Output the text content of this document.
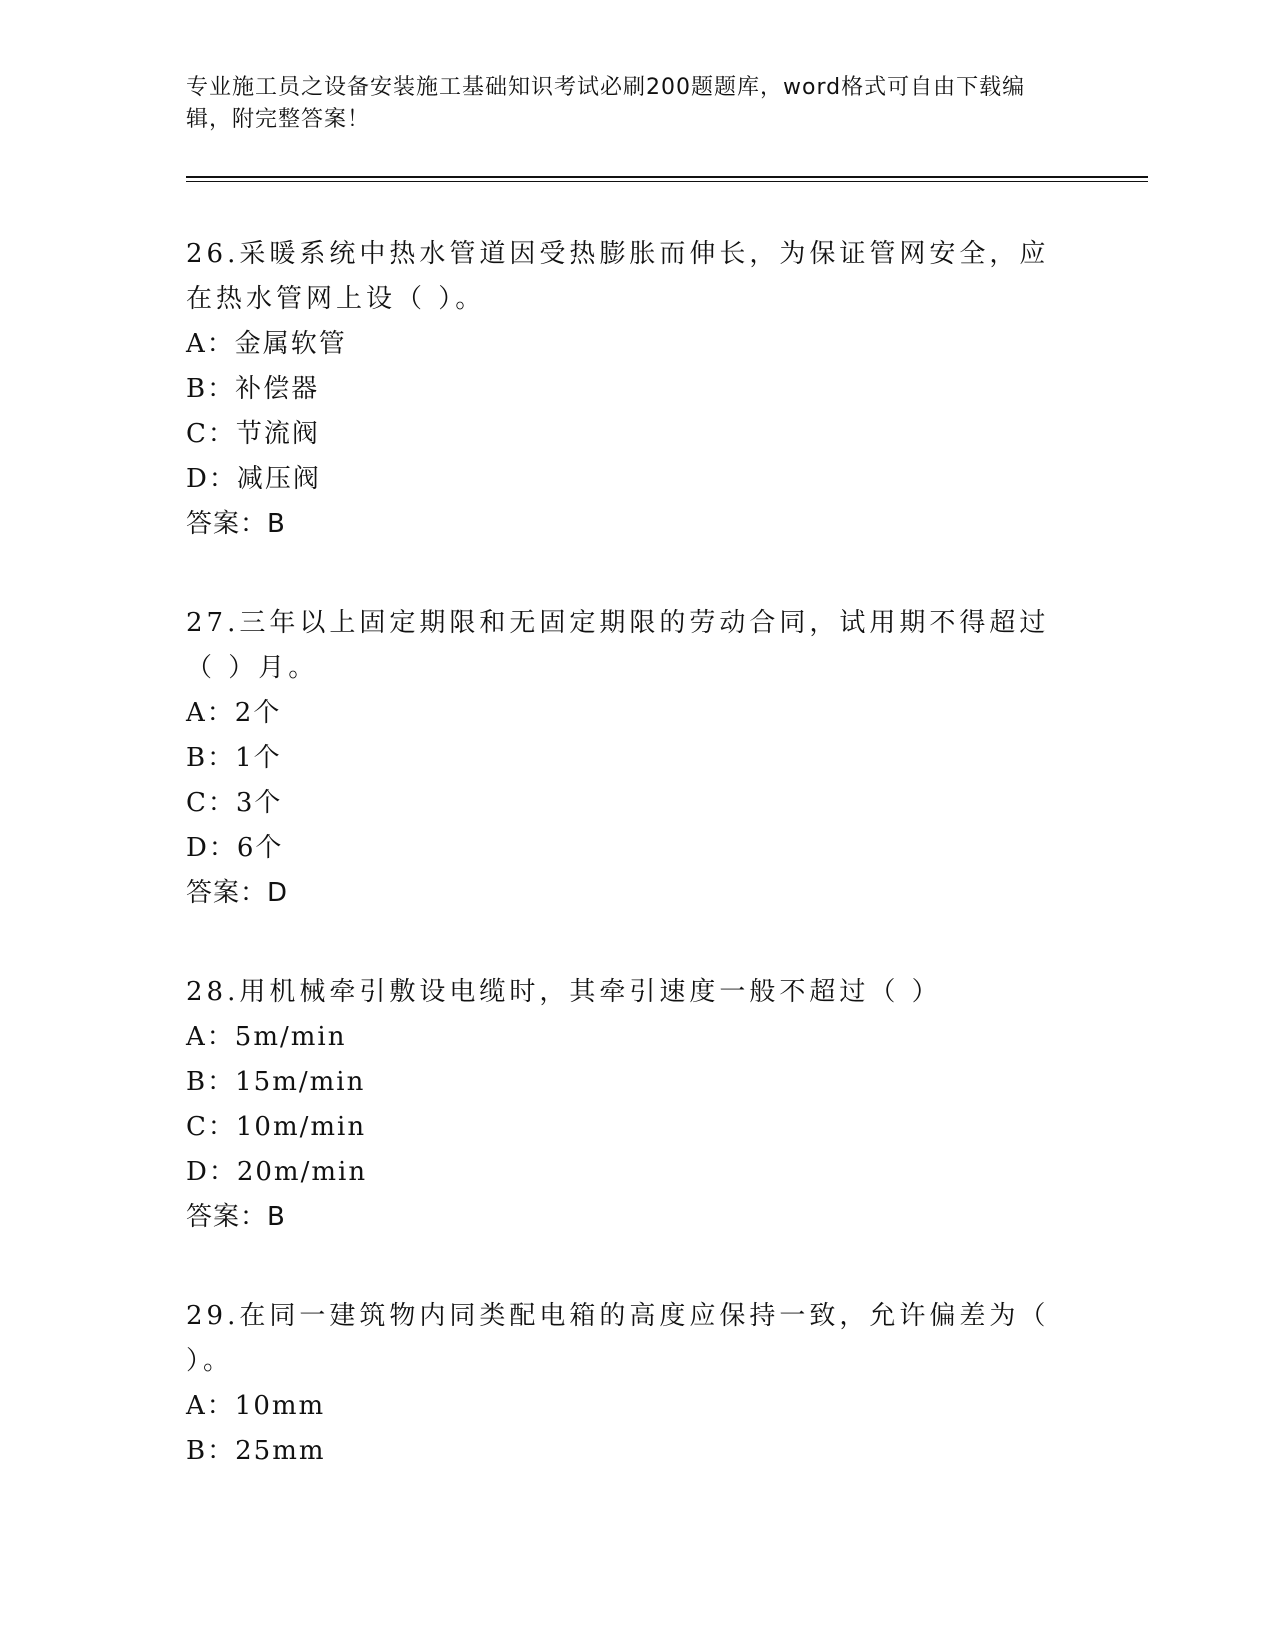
专业施工员之设备安装施工基础知识考试必刷200题题库，word格式可自由下载编辑，附完整答案！

26.采暖系统中热水管道因受热膨胀而伸长，为保证管网安全，应在热水管网上设（ ）。

A：金属软管

B：补偿器

C：节流阀

D：减压阀

答案：B

27.三年以上固定期限和无固定期限的劳动合同，试用期不得超过（ ）月。

A：2个

B：1个

C：3个

D：6个

答案：D

28.用机械牵引敷设电缆时，其牵引速度一般不超过（ ）

A：5m/min

B：15m/min

C：10m/min

D：20m/min

答案：B

29.在同一建筑物内同类配电箱的高度应保持一致，允许偏差为（ ）。

A：10mm

B：25mm
